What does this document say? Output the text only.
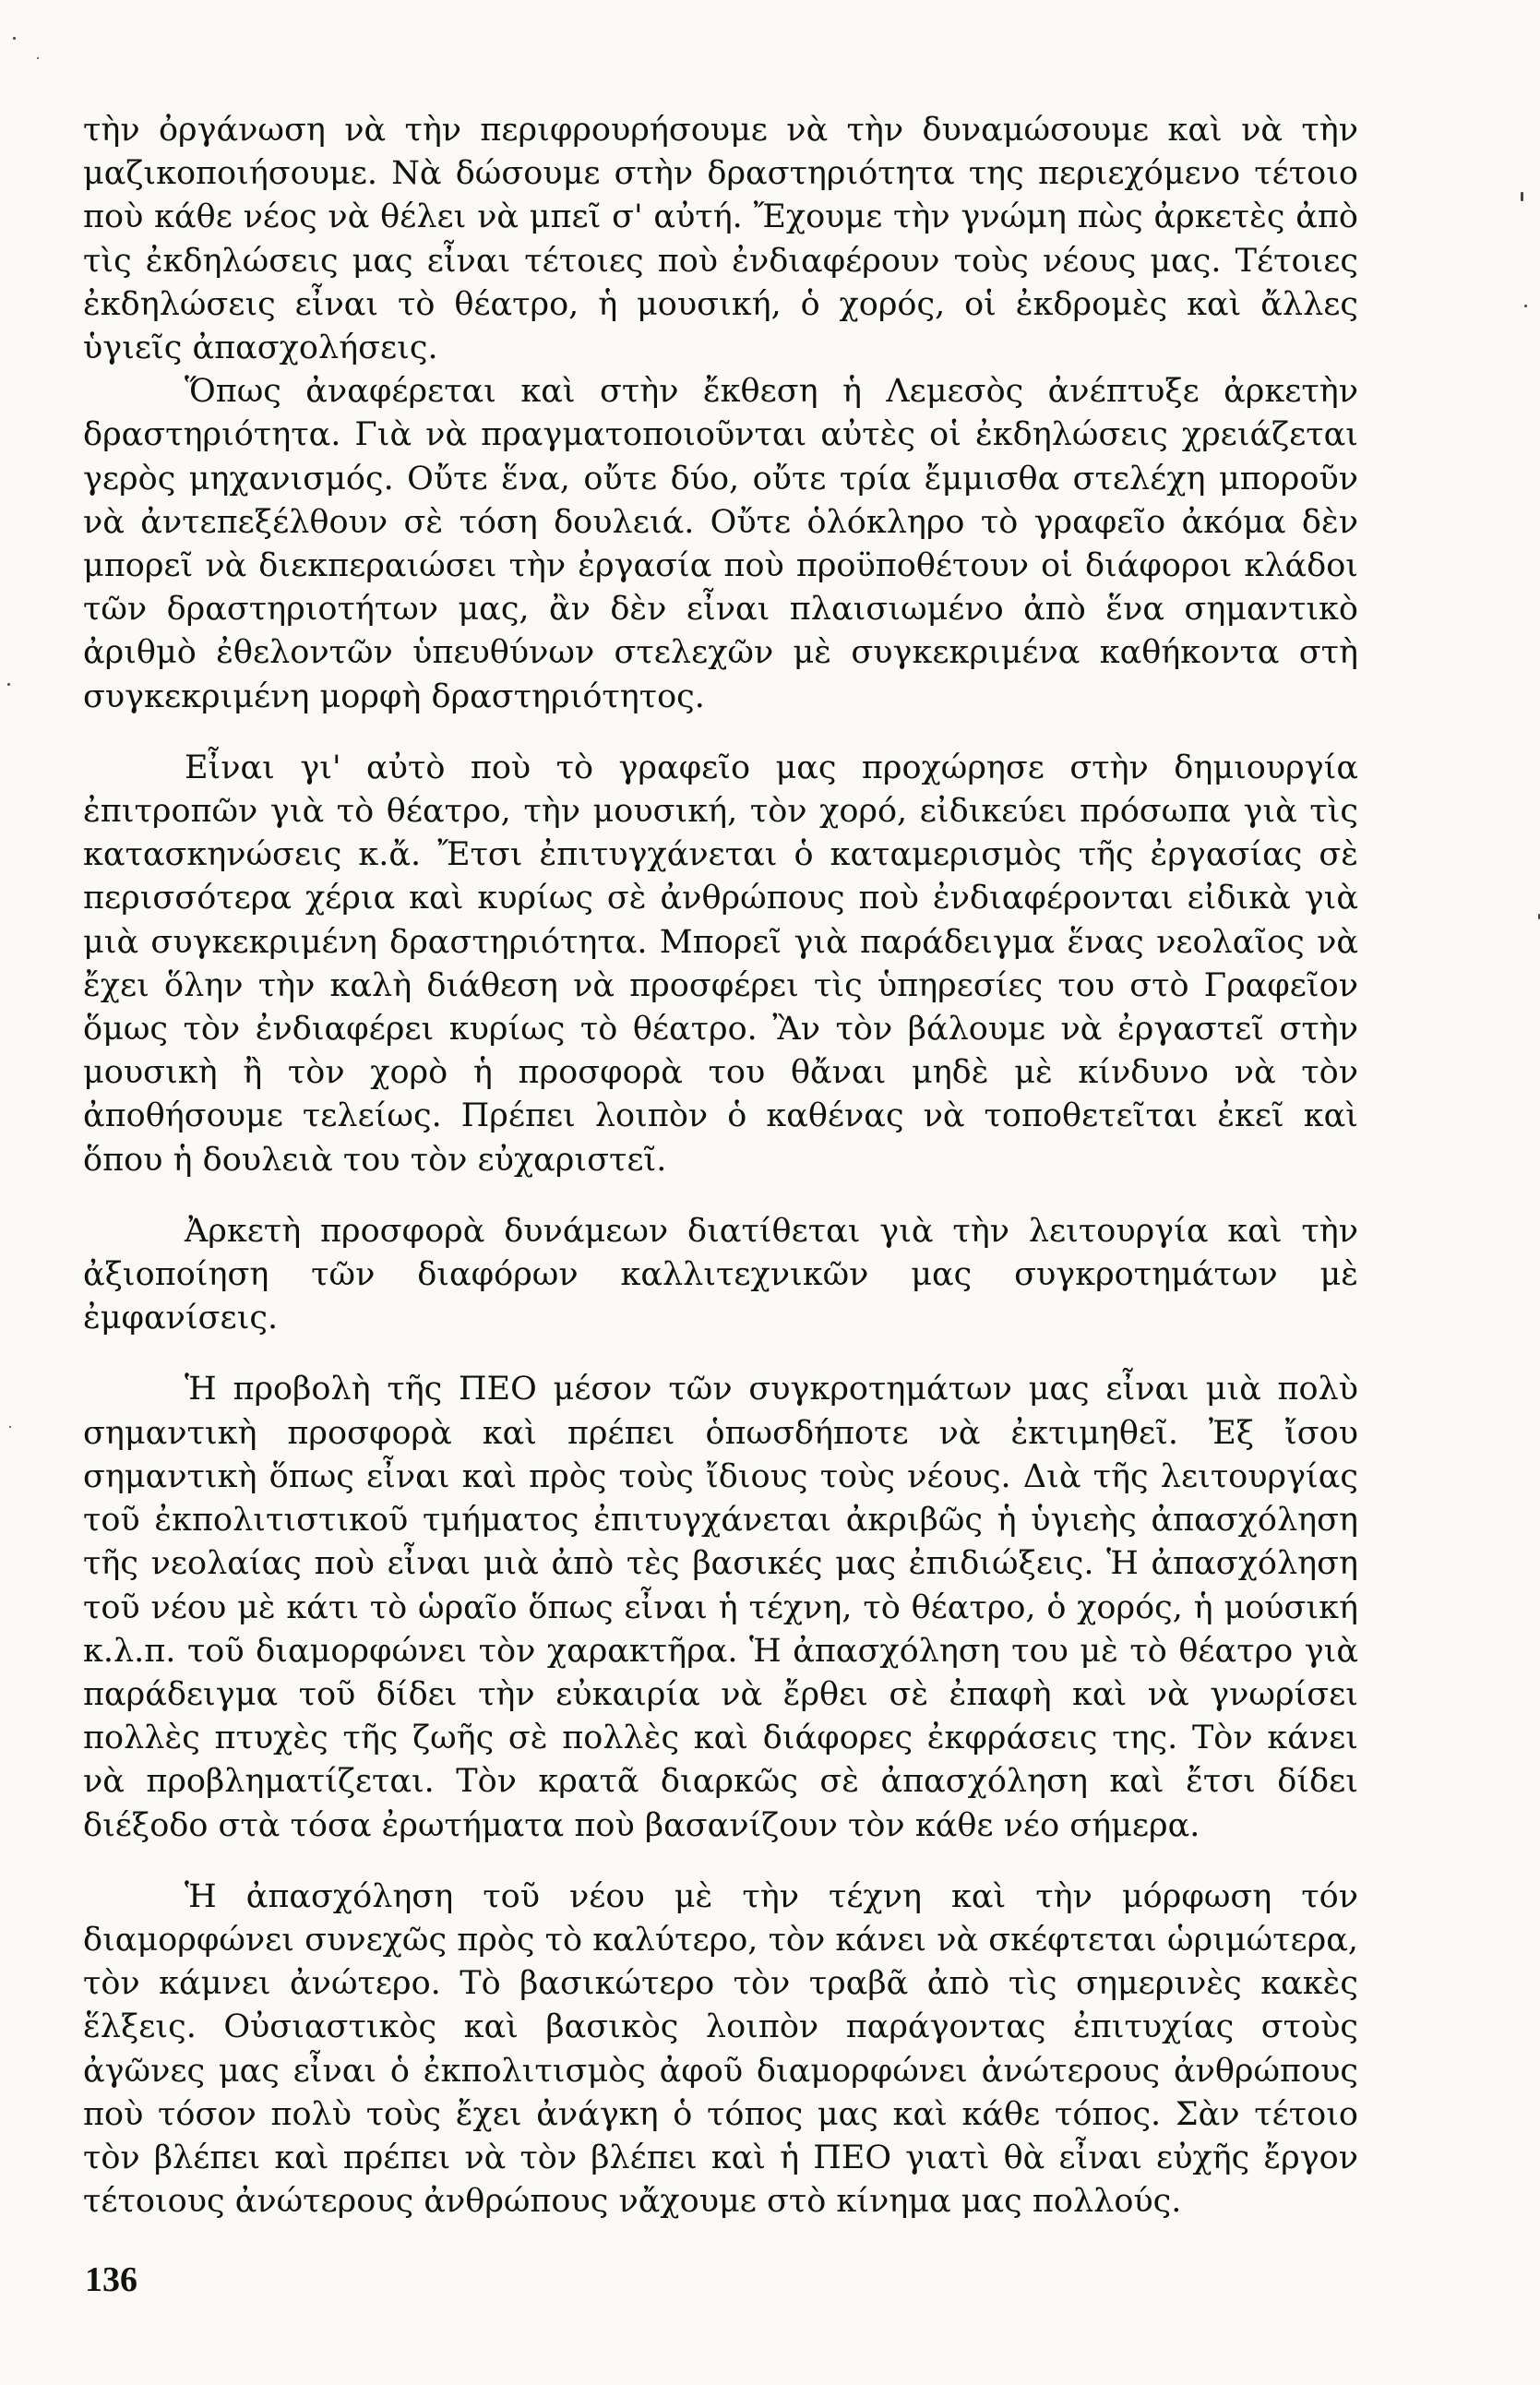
τὴν ὀργάνωση νὰ τὴν περιφρουρήσουμε νὰ τὴν δυναμώσουμε καὶ νὰ τὴν μαζικοποιήσουμε. Νὰ δώσουμε στὴν δραστηριότητα της περιεχόμενο τέτοιο ποὺ κάθε νέος νὰ θέλει νὰ μπεῖ σ' αὐτή. Ἔχουμε τὴν γνώμη πὼς ἀρκετὲς ἀπὸ τὶς ἐκδηλώσεις μας εἶναι τέτοιες ποὺ ἐνδιαφέρουν τοὺς νέους μας. Τέτοιες ἐκδηλώσεις εἶναι τὸ θέατρο, ἡ μουσική, ὁ χορός, οἱ ἐκδρομὲς καὶ ἄλλες ὑγιεῖς ἀπασχολήσεις.

Ὅπως ἀναφέρεται καὶ στὴν ἔκθεση ἡ Λεμεσὸς ἀνέπτυξε ἀρκετὴν δραστηριότητα. Γιὰ νὰ πραγματοποιοῦνται αὐτὲς οἱ ἐκδηλώσεις χρειάζεται γερὸς μηχανισμός. Οὔτε ἕνα, οὔτε δύο, οὔτε τρία ἔμμισθα στελέχη μποροῦν νὰ ἀντεπεξέλθουν σὲ τόση δουλειά. Οὔτε ὁλόκληρο τὸ γραφεῖο ἀκόμα δὲν μπορεῖ νὰ διεκπεραιώσει τὴν ἐργασία ποὺ προϋποθέτουν οἱ διάφοροι κλάδοι τῶν δραστηριοτήτων μας, ἂν δὲν εἶναι πλαισιωμένο ἀπὸ ἕνα σημαντικὸ ἀριθμὸ ἐθελοντῶν ὑπευθύνων στελεχῶν μὲ συγκεκριμένα καθήκοντα στὴ συγκεκριμένη μορφὴ δραστηριότητος.

Εἶναι γι' αὐτὸ ποὺ τὸ γραφεῖο μας προχώρησε στὴν δημιουργία ἐπιτροπῶν γιὰ τὸ θέατρο, τὴν μουσική, τὸν χορό, εἰδικεύει πρόσωπα γιὰ τὶς κατασκηνώσεις κ.ἄ. Ἔτσι ἐπιτυγχάνεται ὁ καταμερισμὸς τῆς ἐργασίας σὲ περισσότερα χέρια καὶ κυρίως σὲ ἀνθρώπους ποὺ ἐνδιαφέρονται εἰδικὰ γιὰ μιὰ συγκεκριμένη δραστηριότητα. Μπορεῖ γιὰ παράδειγμα ἕνας νεολαῖος νὰ ἔχει ὅλην τὴν καλὴ διάθεση νὰ προσφέρει τὶς ὑπηρεσίες του στὸ Γραφεῖον ὅμως τὸν ἐνδιαφέρει κυρίως τὸ θέατρο. Ἂν τὸν βάλουμε νὰ ἐργαστεῖ στὴν μουσικὴ ἢ τὸν χορὸ ἡ προσφορὰ του θἄναι μηδὲ μὲ κίνδυνο νὰ τὸν ἀποθήσουμε τελείως. Πρέπει λοιπὸν ὁ καθένας νὰ τοποθετεῖται ἐκεῖ καὶ ὅπου ἡ δουλειὰ του τὸν εὐχαριστεῖ.

Ἀρκετὴ προσφορὰ δυνάμεων διατίθεται γιὰ τὴν λειτουργία καὶ τὴν ἀξιοποίηση τῶν διαφόρων καλλιτεχνικῶν μας συγκροτημάτων μὲ ἐμφανίσεις.

Ἡ προβολὴ τῆς ΠΕΟ μέσον τῶν συγκροτημάτων μας εἶναι μιὰ πολὺ σημαντικὴ προσφορὰ καὶ πρέπει ὁπωσδήποτε νὰ ἐκτιμηθεῖ. Ἐξ ἴσου σημαντικὴ ὅπως εἶναι καὶ πρὸς τοὺς ἴδιους τοὺς νέους. Διὰ τῆς λειτουργίας τοῦ ἐκπολιτιστικοῦ τμήματος ἐπιτυγχάνεται ἀκριβῶς ἡ ὑγιεὴς ἀπασχόληση τῆς νεολαίας ποὺ εἶναι μιὰ ἀπὸ τὲς βασικές μας ἐπιδιώξεις. Ἡ ἀπασχόληση τοῦ νέου μὲ κάτι τὸ ὡραῖο ὅπως εἶναι ἡ τέχνη, τὸ θέατρο, ὁ χορός, ἡ μούσική κ.λ.π. τοῦ διαμορφώνει τὸν χαρακτῆρα. Ἡ ἀπασχόληση του μὲ τὸ θέατρο γιὰ παράδειγμα τοῦ δίδει τὴν εὐκαιρία νὰ ἔρθει σὲ ἐπαφὴ καὶ νὰ γνωρίσει πολλὲς πτυχὲς τῆς ζωῆς σὲ πολλὲς καὶ διάφορες ἐκφράσεις της. Τὸν κάνει νὰ προβληματίζεται. Τὸν κρατᾶ διαρκῶς σὲ ἀπασχόληση καὶ ἔτσι δίδει διέξοδο στὰ τόσα ἐρωτήματα ποὺ βασανίζουν τὸν κάθε νέο σήμερα.

Ἡ ἀπασχόληση τοῦ νέου μὲ τὴν τέχνη καὶ τὴν μόρφωση τόν διαμορφώνει συνεχῶς πρὸς τὸ καλύτερο, τὸν κάνει νὰ σκέφτεται ὡριμώτερα, τὸν κάμνει ἀνώτερο. Τὸ βασικώτερο τὸν τραβᾶ ἀπὸ τὶς σημερινὲς κακὲς ἕλξεις. Οὐσιαστικὸς καὶ βασικὸς λοιπὸν παράγοντας ἐπιτυχίας στοὺς ἀγῶνες μας εἶναι ὁ ἐκπολιτισμὸς ἀφοῦ διαμορφώνει ἀνώτερους ἀνθρώπους ποὺ τόσον πολὺ τοὺς ἔχει ἀνάγκη ὁ τόπος μας καὶ κάθε τόπος. Σὰν τέτοιο τὸν βλέπει καὶ πρέπει νὰ τὸν βλέπει καὶ ἡ ΠΕΟ γιατὶ θὰ εἶναι εὐχῆς ἔργον τέτοιους ἀνώτερους ἀνθρώπους νἄχουμε στὸ κίνημα μας πολλούς.

136
